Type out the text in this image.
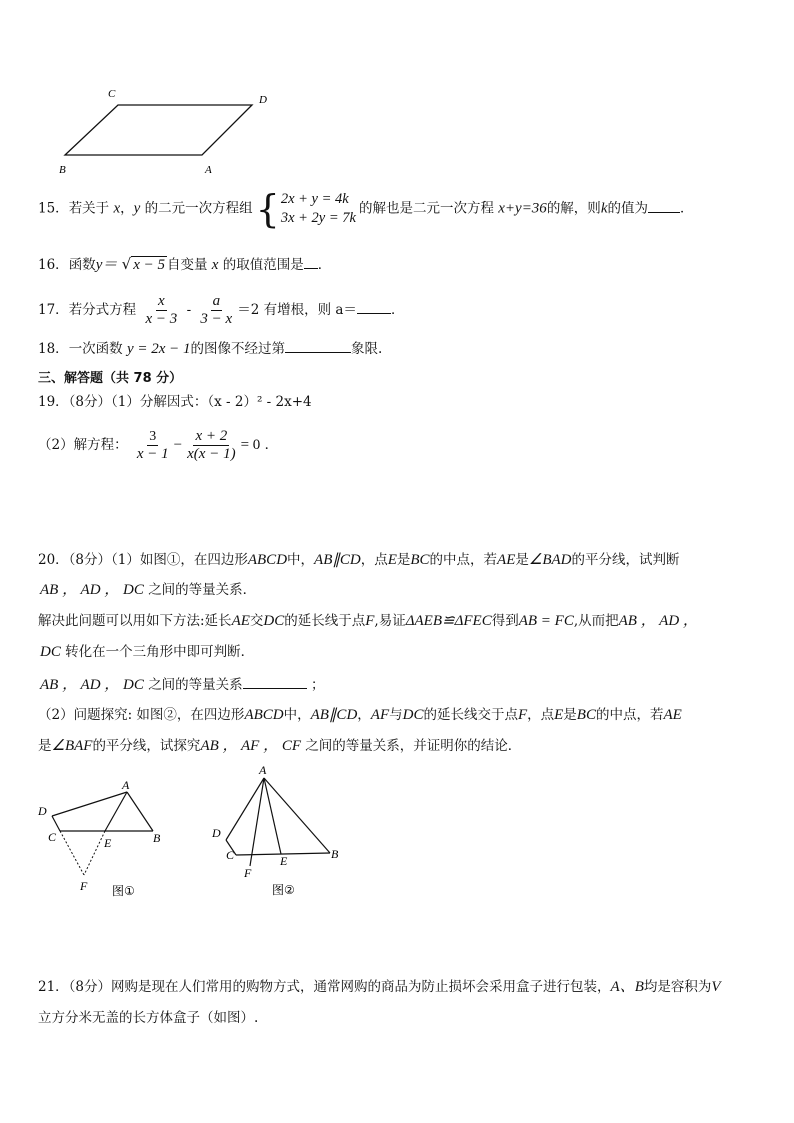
C	D
B	A
15．若关于 x，y 的二元一次方程组 { 2x + y = 4k
3x + 2y = 7k
的解也是二元一次方程 x+y=36的解，则k的值为 ．
16．函数y＝ √ x − 5 自变量 x 的取值范围是 ．
17．若分式方程 $\frac{x}{x - 3} - \frac{a}{3 - x} =2$ 有增根，则 a＝	．
18．一次函数 y = 2x − 1的图像不经过第	象限.
三、解答题（共 78 分）
19．（8分）（1）分解因式：（x - 2）² - 2x+4
（2）解方程： $\frac{3}{x - 1} - \frac{x + 2}{x(x - 1)} = 0$ ．
20．（8分）（1）如图①，在四边形ABCD中，AB∥CD，点E是BC的中点，若AE是∠BAD的平分线，试判断
AB ， AD ， DC 之间的等量关系．
解决此问题可以用如下方法:延长AE交DC的延长线于点F,易证ΔAEB≌ΔFEC得到AB = FC,从而把AB ， AD ，
DC 转化在一个三角形中即可判断．
AB ， AD ， DC 之间的等量关系	；
（2）问题探究: 如图②，在四边形ABCD中，AB∥CD，AF与DC的延长线交于点F，点E是BC的中点，若AE
是∠BAF的平分线，试探究AB ， AF ， CF 之间的等量关系，并证明你的结论．
A
D
C	E	B
F 图①
A
D
C	E	B
F
图②
21．（8分）网购是现在人们常用的购物方式，通常网购的商品为防止损坏会采用盒子进行包装，A、B均是容积为V
立方分米无盖的长方体盒子（如图）.
